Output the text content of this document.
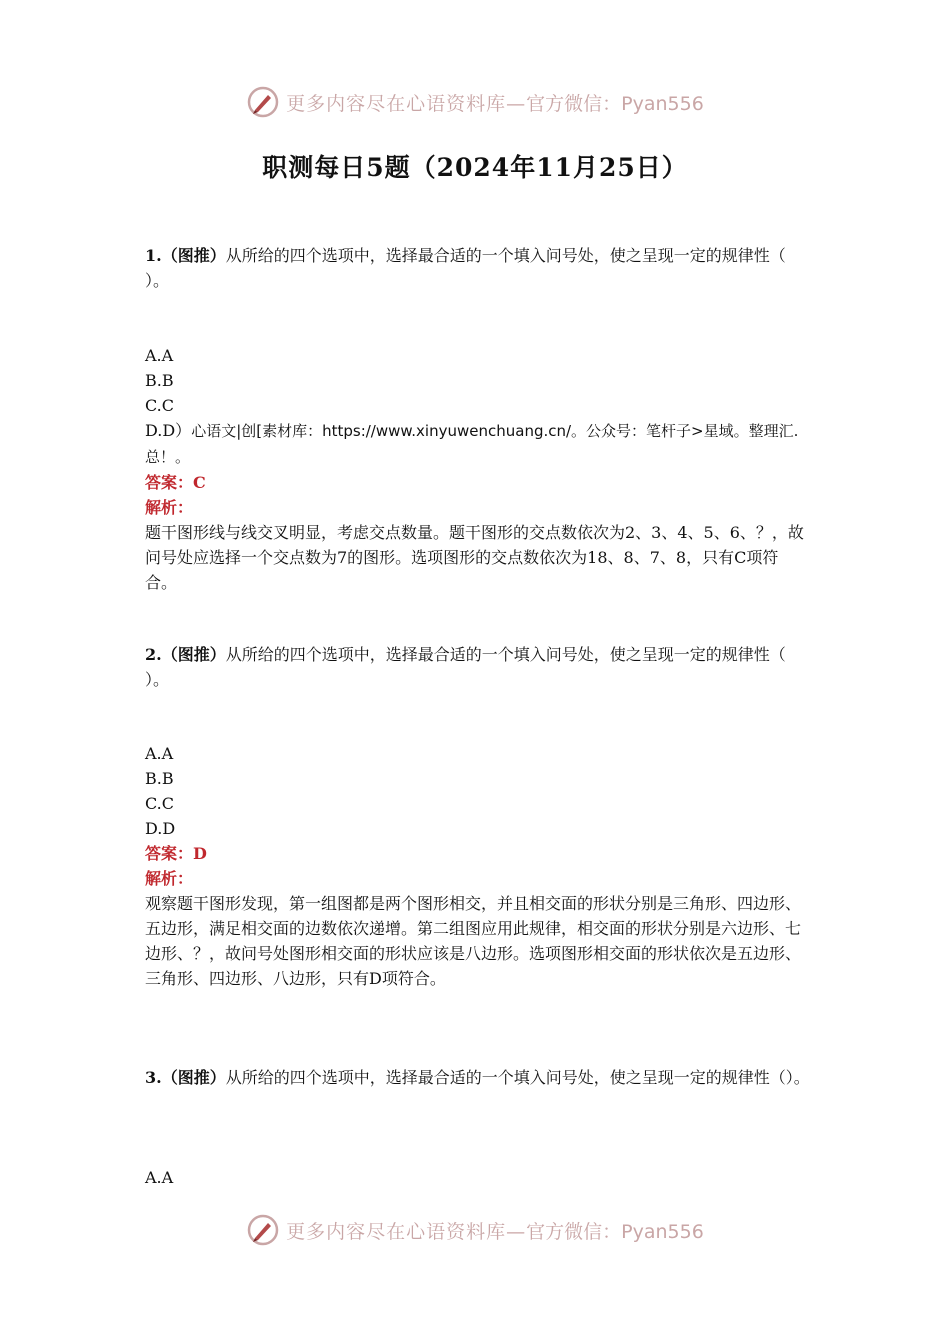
更多内容尽在心语资料库— 官方微信：Pyan556
职测每日5题（2024年11月25日）

1.（图推）从所给的四个选项中，选择最合适的一个填入问号处，使之呈现一定的规律性（ ）。

A.A

B.B

C.C

D.D）心语文|创[素材库：https://www.xinyuwenchuang.cn/。公众号：笔杆子>星域。整理汇.总！。

答案：C

解析：

题干图形线与线交叉明显，考虑交点数量。题干图形的交点数依次为2、3、4、5、6、？，故问号处应选择一个交点数为7的图形。选项图形的交点数依次为18、8、7、8，只有C项符合。

2.（图推）从所给的四个选项中，选择最合适的一个填入问号处，使之呈现一定的规律性（ ）。

A.A

B.B

C.C

D.D

答案：D

解析：

观察题干图形发现，第一组图都是两个图形相交，并且相交面的形状分别是三角形、四边形、五边形，满足相交面的边数依次递增。第二组图应用此规律，相交面的形状分别是六边形、七边形、？，故问号处图形相交面的形状应该是八边形。选项图形相交面的形状依次是五边形、三角形、四边形、八边形，只有D项符合。

3.（图推）从所给的四个选项中，选择最合适的一个填入问号处，使之呈现一定的规律性（）。

A.A

更多内容尽在心语资料库— 官方微信：Pyan556
